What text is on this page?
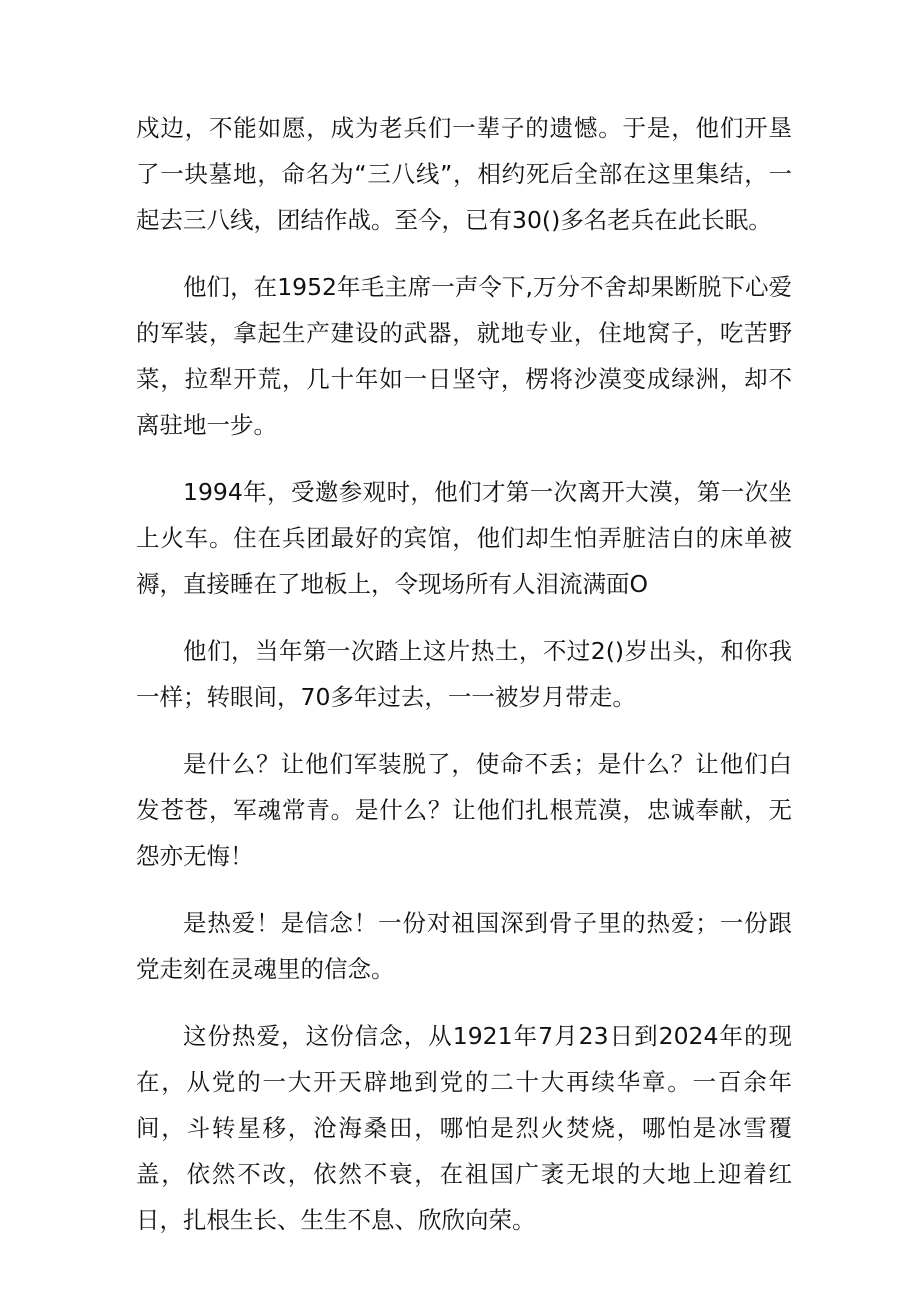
戍边，不能如愿，成为老兵们一辈子的遗憾。于是，他们开垦了一块墓地，命名为“三八线”，相约死后全部在这里集结，一起去三八线，团结作战。至今，已有30()多名老兵在此长眠。

他们，在1952年毛主席一声令下,万分不舍却果断脱下心爱的军装，拿起生产建设的武器，就地专业，住地窝子，吃苦野菜，拉犁开荒，几十年如一日坚守，楞将沙漠变成绿洲，却不离驻地一步。

1994年，受邀参观时，他们才第一次离开大漠，第一次坐上火车。住在兵团最好的宾馆，他们却生怕弄脏洁白的床单被褥，直接睡在了地板上，令现场所有人泪流满面O

他们，当年第一次踏上这片热土，不过2()岁出头，和你我一样；转眼间，70多年过去，一一被岁月带走。

是什么？让他们军装脱了，使命不丢；是什么？让他们白发苍苍，军魂常青。是什么？让他们扎根荒漠，忠诚奉献，无怨亦无悔！

是热爱！是信念！一份对祖国深到骨子里的热爱；一份跟党走刻在灵魂里的信念。

这份热爱，这份信念，从1921年7月23日到2024年的现在，从党的一大开天辟地到党的二十大再续华章。一百余年间，斗转星移，沧海桑田，哪怕是烈火焚烧，哪怕是冰雪覆盖，依然不改，依然不衰，在祖国广袤无垠的大地上迎着红日，扎根生长、生生不息、欣欣向荣。
